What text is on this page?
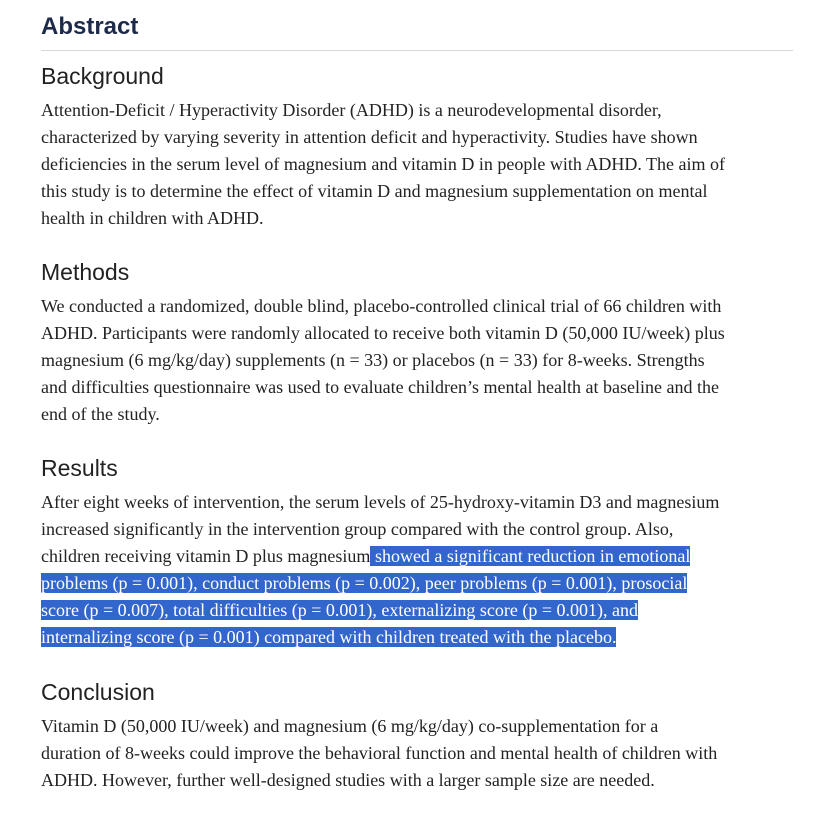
Abstract
Background

Attention-Deficit / Hyperactivity Disorder (ADHD) is a neurodevelopmental disorder,
characterized by varying severity in attention deficit and hyperactivity. Studies have shown
deficiencies in the serum level of magnesium and vitamin D in people with ADHD. The aim of
this study is to determine the effect of vitamin D and magnesium supplementation on mental
health in children with ADHD.

Methods

We conducted a randomized, double blind, placebo-controlled clinical trial of 66 children with
ADHD. Participants were randomly allocated to receive both vitamin D (50,000 IU/week) plus
magnesium (6 mg/kg/day) supplements (n = 33) or placebos (n = 33) for 8-weeks. Strengths
and difficulties questionnaire was used to evaluate children’s mental health at baseline and the
end of the study.

Results

After eight weeks of intervention, the serum levels of 25-hydroxy-vitamin D3 and magnesium
increased significantly in the intervention group compared with the control group. Also,
children receiving vitamin D plus magnesium showed a significant reduction in emotional
problems (p = 0.001), conduct problems (p = 0.002), peer problems (p = 0.001), prosocial
score (p = 0.007), total difficulties (p = 0.001), externalizing score (p = 0.001), and
internalizing score (p = 0.001) compared with children treated with the placebo.

Conclusion

Vitamin D (50,000 IU/week) and magnesium (6 mg/kg/day) co-supplementation for a
duration of 8-weeks could improve the behavioral function and mental health of children with
ADHD. However, further well-designed studies with a larger sample size are needed.
